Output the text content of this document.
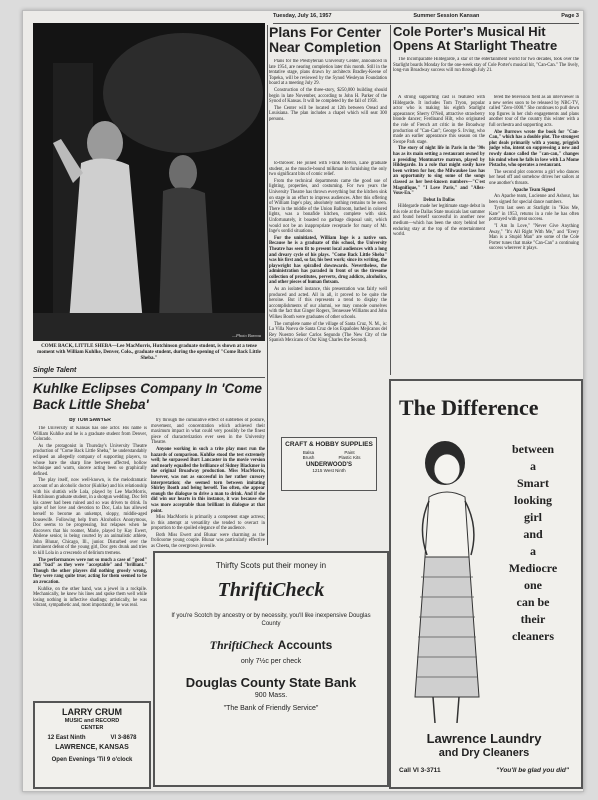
Tuesday, July 16, 1957	Summer Session Kansan	Page 3
—Photo Bureau
COME BACK, LITTLE SHEBA—Lee MacMorris, Hutchinson graduate student, is shown at a tense moment with William Kuhlke, Denver, Colo., graduate student, during the opening of "Come Back Little Sheba."
Plans For Center Near Completion

Plans for the Presbyterian University Center, announced in late 1954, are nearing completion later this month. Still in the tentative stage, plans drawn by architects Bradley-Keene of Topeka, will be reviewed by the Synod Wesleyan Foundation board at a meeting July 29.

Construction of the three-story, $250,000 building should begin in late November, according to John H. Parker of the Synod of Kansas. It will be completed by the fall of 1958.

The Center will be located at 12th between Oread and Louisiana. The plan includes a chapel which will seat 300 persons.

Single Talent
Kuhlke Eclipses Company In 'Come Back Little Sheba'
By TOM SAWYER

The University of Kansas has one actor. His name is William Kuhlke and he is a graduate student from Denver, Colorado.

As the protagonist in Thursday's University Theatre production of "Come Back Little Sheba," he understandably eclipsed an allegedly company of supporting players, to whose bare the sharp line between affected, hollow technique and warm, sincere acting been so graphically defined.

The play itself, now well-known, is the melodramatic account of an alcoholic doctor (Kuhlke) and his relationship with his sluttish wife Lola, played by Lee MacMorris, Hutchinson graduate student, in a shotgun wedding. Doc felt his career had been ruined and so was driven to drink. In spite of her love and devotion to Doc, Lola has allowed herself to become an unkempt, sloppy, middle-aged housewife. Following help from Alcoholics Anonymous, Doc seems to be progressing, but relapses when he discovers that his roomer, Marie, played by Kay Ewert, Abilene senior, is being courted by an animalistic athlete, John Blunar, Chicago, Ill., junior. Disturbed over the imminent defeat of the young girl, Doc gets drunk and tries to kill Lola in a crescendo of delirium tremens.

The performances were not so much a case of "good" and "bad" as they were "acceptable" and "brilliant." Though the other players did nothing grossly wrong, they were rang quite true; acting for them seemed to be an avocation.

Kuhlke, on the other hand, was a jewel in a rockpile. Mechanically, he knew his lines and spoke them well while losing nothing in inflective shadings; artistically, he was vibrant, sympathetic and, most importantly, he was real.

try through the cumulative effect of subtleties of posture, movement, and concentration which achieved their maximum impact in what could very possibly be the finest piece of characterization ever seen in the University Theatre.

Anyone working in such a trite play must run the hazards of comparison. Kuhlke stood the test extremely well; he surpassed Burt Lancaster in the movie version and nearly equalled the brilliance of Sidney Blackmer in the original Broadway production. Miss MacMorris, however, was not as successful in her rather cursory interpretation; she seemed torn between imitating Shirley Booth and being herself. Too often, she appear enough the dialogue to drive a man to drink. And if she did win our hearts in this instance, it was because she was more acceptable than brilliant in dialogue at that point.

Miss MacMorris is primarily a competent stage actress; in this attempt at versatility she tended to overact in proportion to the spoiled elegance of the audience.

Both Miss Ewert and Blunar were charming as the frolicsome young couple. Blunar was particularly effective as Cheeta, the overgrown juvenile.

lo-thrower. He joined with Frank Melvin, Lane graduate student, as the muscle-bound milkman in furnishing the only two significant bits of comic relief.

From the technical departments came the good use of lighting, properties, and costuming. For two years the University Theatre has thrown everything but the kitchen sink on stage in an effort to impress audiences. After this offering of William Inge's play, absolutely nothing remains to be seen. There in the middle of the Union Ballroom, bathed in colored lights, was a bonafide kitchen, complete with sink. Unfortunately, it boasted no garbage disposal unit, which would not be an inappropriate receptacle for many of Mr. Inge's sordid situations.

For the uninitiated, William Inge is a native son. Because he is a graduate of this school, the University Theatre has seen fit to present local audiences with a long and dreary cycle of his plays. "Come Back Little Sheba" was his first and, so far, his best work; since its writing, the playwright has spiralled downwards. Nevertheless, the administration has paraded in front of us the tiresome collection of prostitutes, perverts, drug addicts, alcoholics, and other pieces of human flotsam.

As an isolated instance, this presentation was fairly well produced and acted. All in all, it proved to be quite the heroine. But if this represents a trend to display the accomplishments of our alumni, we may console ourselves with the fact that Ginger Rogers, Tennessee Williams and John Wilkes Booth were graduates of other schools.

The complete name of the village of Santa Cruz, N. M., is: La Villa Nueva de Santa Cruz de los Españoles Mejicanos del Rey Nuestro Señor Carlos Segundo (The New City of the Spanish Mexicans of Our King Charles the Second).

Cole Porter's Musical Hit Opens At Starlight Theatre

The Incomparable Hildegarde, a star of the entertainment world for two decades, took over the Starlight boards Monday for the one-week stay of Cole Porter's musical hit, "Can-Can." The lively, long-run Broadway success will run through July 21.

A strong supporting cast is featured with Hildegarde. It includes Tom Tryon, popular actor who is making his eighth Starlight appearance; Sherry O'Neil, attractive strawberry blonde dancer; Ferdinand Hilt, who originated the role of French art critic in the Broadway production of "Can-Can"; George S. Irving, who made an earlier appearance this season on the Swope Park stage.

The story of night life in Paris in the '90s has as its main setting a restaurant owned by a presiding Montmartre matron, played by Hildegarde. In a role that might easily have been written for her, the Milwaukee lass has an opportunity to sing some of the songs classed as her best-known numbers—"C'est Magnifique," "I Love Paris," and "Allez-Vous-En."

Debut In Dallas

Hildegarde made her legitimate stage debut in this role at the Dallas State musicals last summer and found herself successful in another new medium—which has been the story behind her enduring stay at the top of the entertainment world.

tered the television field as an interviewer in a new series soon to be released by NBC-TV, called "Zero-1000." She continues to pull down top figures in her club engagements and plans another tour of the country this winter with a full orchestra and supporting acts.

Abe Burrows wrote the book for "Can-Can," which has a double plot. The strongest plot deals primarily with a young, priggish judge who, intent on suppressing a new and rowdy dance called the "can-can," changes his mind when he falls in love with La Mome Pistache, who operates a restaurant.

The second plot concerns a girl who dances her head off and somehow drives her sailors at one another's throats.

Apache Team Signed

An Apache team, Lucienne and Ashour, has been signed for special dance numbers.

Tyrrn last seen at Starlight in "Kiss Me, Kate" in 1953, returns in a role he has often portrayed with great success.

"I Am In Love," "Never Give Anything Away," "It's All Right With Me," and "Every Man is a Stupid Man" are some of the Cole Porter tunes that make "Can-Can" a continuing success wherever it plays.

CRAFT & HOBBY SUPPLIES
Balsa	Paint
Brush	Plastic Kits
UNDERWOOD'S
1215 West Ninth
Thirfty Scots put their money in
ThriftiCheck
If you're Scotch by ancestry or by necessity, you'll like inexpensive Douglas County
ThriftiCheck Accounts
only 7½c per check
Douglas County State Bank
900 Mass.
"The Bank of Friendly Service"
LARRY CRUM
MUSIC and RECORD CENTER
12 East Ninth	VI 3-8678
LAWRENCE, KANSAS
Open Evenings 'Til 9 o'clock
The Difference
between
a
Smart
looking
girl
and
a
Mediocre
one
can be
their
cleaners
Lawrence Laundry
and Dry Cleaners
Call VI 3-3711	"You'll be glad you did"
